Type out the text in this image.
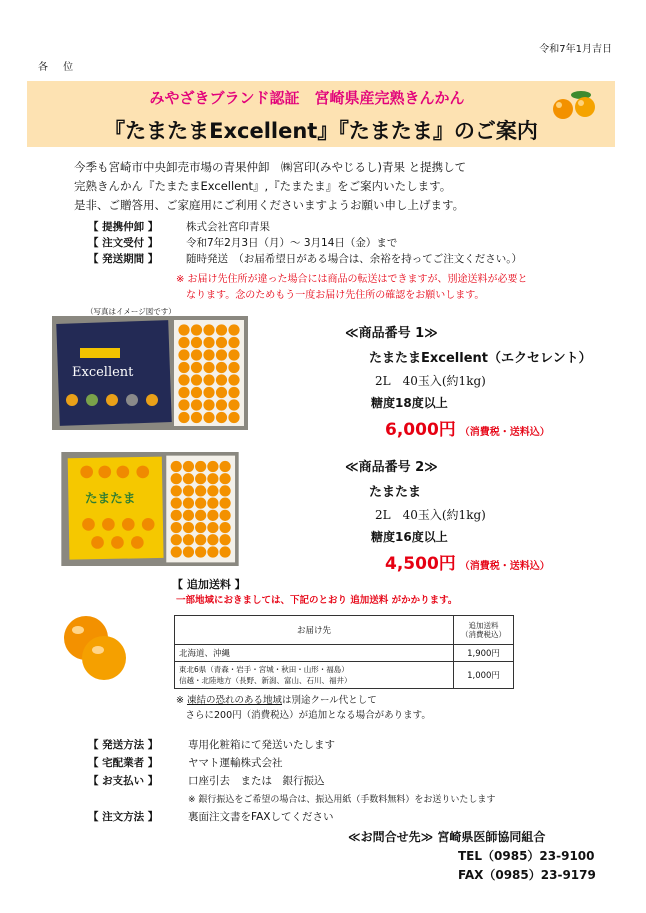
令和7年1月吉日
各 位
みやざきブランド認証　宮崎県産完熟きんかん
『たまたまExcellent』『たまたま』のご案内
今季も宮崎市中央卸売市場の青果仲卸　㈱宮印(みやじるし)青果 と提携して
完熟きんかん『たまたまExcellent』,『たまたま』をご案内いたします。
是非、ご贈答用、ご家庭用にご利用くださいますようお願い申し上げます。
【 提携仲卸 】	株式会社宮印青果
【 注文受付 】	令和7年2月3日（月）～ 3月14日（金）まで
【 発送期間 】	随時発送　（お届希望日がある場合は、余裕を持ってご注文ください。）
※ お届け先住所が違った場合には商品の転送はできますが、別途送料が必要と
　なります。念のためもう一度お届け先住所の確認をお願いします。
（写真はイメージ図です）
Excellent
たまたま
≪商品番号 1≫
たまたまExcellent（エクセレント）
2L　40玉入(約1kg)
糖度18度以上
6,000円 （消費税・送料込）
≪商品番号 2≫
たまたま
2L　40玉入(約1kg)
糖度16度以上
4,500円 （消費税・送料込）
【 追加送料 】
一部地域におきましては、下記のとおり 追加送料 がかかります。
お届け先	追加送料
（消費税込）
北海道、沖縄	1,900円
東北6県（青森・岩手・宮城・秋田・山形・福島）
信越・北陸地方（長野、新潟、富山、石川、福井）	1,000円
※ 凍結の恐れのある地域は別途クール代として
　さらに200円（消費税込）が追加となる場合があります。
【 発送方法 】	専用化粧箱にて発送いたします
【 宅配業者 】	ヤマト運輸株式会社
【 お支払い 】	口座引去　または　銀行振込
※ 銀行振込をご希望の場合は、振込用紙（手数料無料）をお送りいたします
【 注文方法 】	裏面注文書をFAXしてください
≪お問合せ先≫ 宮崎県医師協同組合
TEL（0985）23-9100
FAX（0985）23-9179
